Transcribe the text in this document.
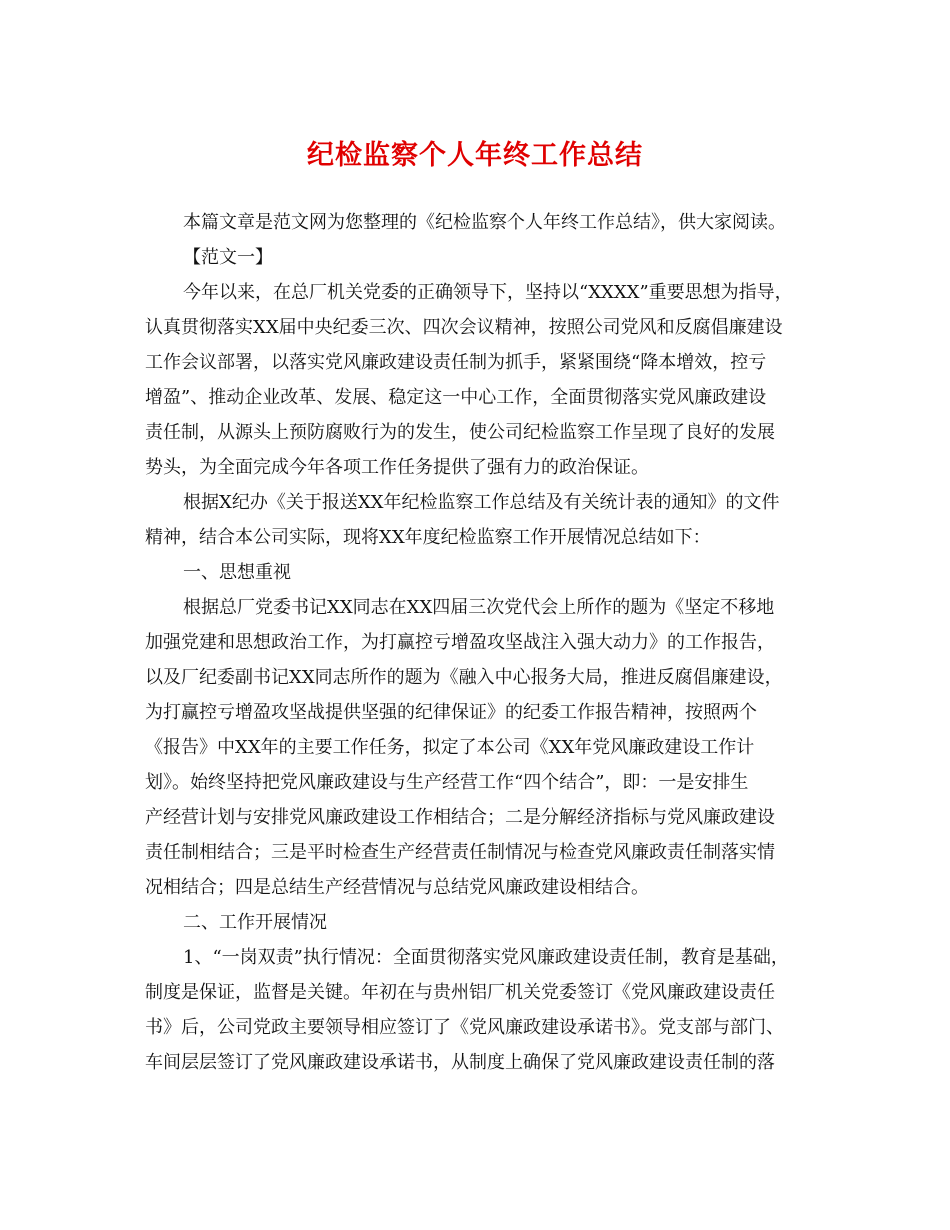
纪检监察个人年终工作总结
本篇文章是范文网为您整理的《纪检监察个人年终工作总结》，供大家阅读。
【范文一】
今年以来，在总厂机关党委的正确领导下，坚持以“XXXX”重要思想为指导，
认真贯彻落实XX届中央纪委三次、四次会议精神，按照公司党风和反腐倡廉建设
工作会议部署，以落实党风廉政建设责任制为抓手，紧紧围绕“降本增效，控亏
增盈”、推动企业改革、发展、稳定这一中心工作，全面贯彻落实党风廉政建设
责任制，从源头上预防腐败行为的发生，使公司纪检监察工作呈现了良好的发展
势头，为全面完成今年各项工作任务提供了强有力的政治保证。
根据X纪办《关于报送XX年纪检监察工作总结及有关统计表的通知》的文件
精神，结合本公司实际，现将XX年度纪检监察工作开展情况总结如下：
一、思想重视
根据总厂党委书记XX同志在XX四届三次党代会上所作的题为《坚定不移地
加强党建和思想政治工作，为打赢控亏增盈攻坚战注入强大动力》的工作报告，
以及厂纪委副书记XX同志所作的题为《融入中心报务大局，推进反腐倡廉建设，
为打赢控亏增盈攻坚战提供坚强的纪律保证》的纪委工作报告精神，按照两个
《报告》中XX年的主要工作任务，拟定了本公司《XX年党风廉政建设工作计
划》。始终坚持把党风廉政建设与生产经营工作“四个结合”，即：一是安排生
产经营计划与安排党风廉政建设工作相结合；二是分解经济指标与党风廉政建设
责任制相结合；三是平时检查生产经营责任制情况与检查党风廉政责任制落实情
况相结合；四是总结生产经营情况与总结党风廉政建设相结合。
二、工作开展情况
1、“一岗双责”执行情况：全面贯彻落实党风廉政建设责任制，教育是基础，
制度是保证，监督是关键。年初在与贵州铝厂机关党委签订《党风廉政建设责任
书》后，公司党政主要领导相应签订了《党风廉政建设承诺书》。党支部与部门、
车间层层签订了党风廉政建设承诺书，从制度上确保了党风廉政建设责任制的落
